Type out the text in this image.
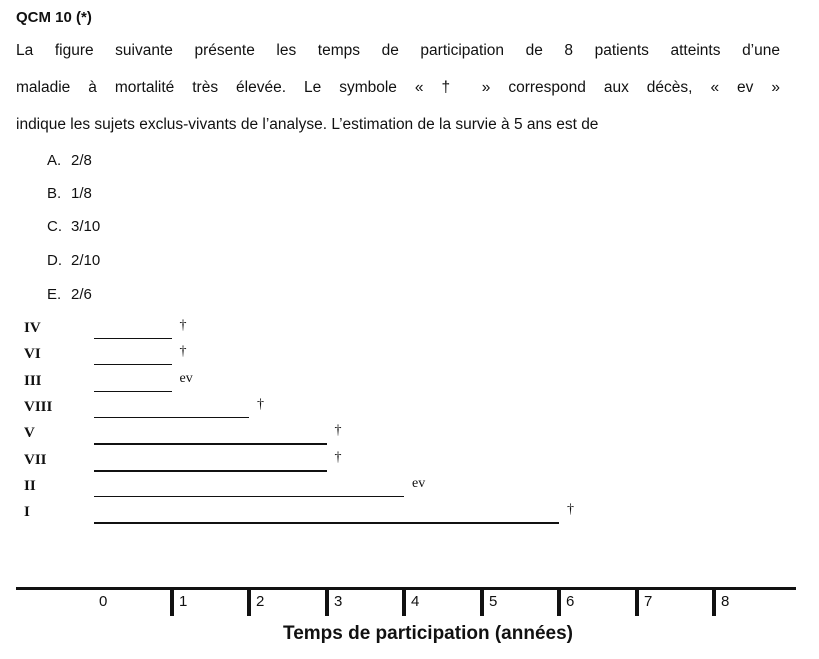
QCM 10 (*)
La figure suivante présente les temps de participation de 8 patients atteints d’une
maladie à mortalité très élevée. Le symbole « † » correspond aux décès, « ev »
indique les sujets exclus-vivants de l’analyse. L’estimation de la survie à 5 ans est de
A. 2/8
B. 1/8
C. 3/10
D. 2/10
E. 2/6
IV	†
VI	†
III	ev
VIII	†
V	†
VII	†
II	ev
I	†
0	1	2	3	4	5	6	7	8
Temps de participation (années)
